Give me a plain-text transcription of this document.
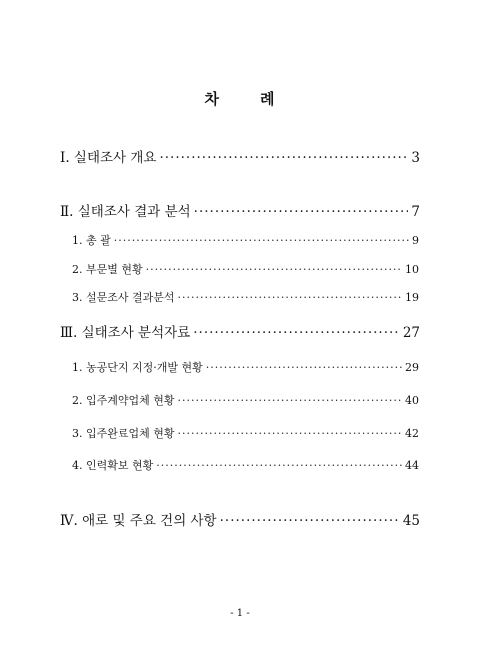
차	례
Ⅰ. 실태조사 개요 ·····	3
Ⅱ. 실태조사 결과 분석 ·····	7
1. 총 괄 ·····	9
2. 부문별 현황 ·····	10
3. 설문조사 결과분석 ·····	19
Ⅲ. 실태조사 분석자료 ·····	27
1. 농공단지 지정·개발 현황 ·····	29
2. 입주계약업체 현황 ·····	40
3. 입주완료업체 현황 ·····	42
4. 인력확보 현황 ·····	44
Ⅳ. 애로 및 주요 건의 사항 ·····	45
- 1 -
